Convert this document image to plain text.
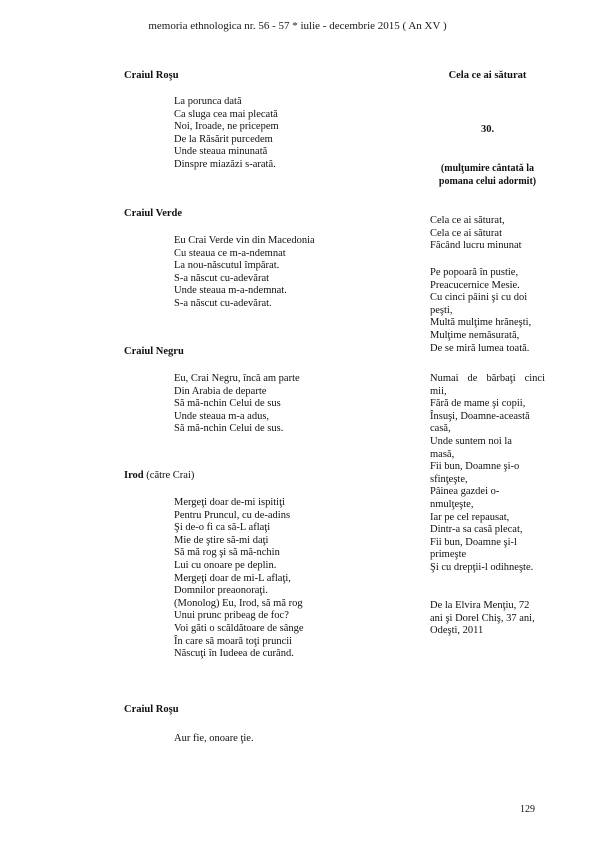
memoria ethnologica nr. 56 - 57 * iulie - decembrie 2015 ( An XV )
Craiul Roşu
La porunca dată
Ca sluga cea mai plecată
Noi, Iroade, ne pricepem
De la Răsărit purcedem
Unde steaua minunată
Dinspre miazăzi s-arată.
Craiul Verde
Eu Crai Verde vin din Macedonia
Cu steaua ce m-a-ndemnat
La nou-născutul împărat.
S-a născut cu-adevărat
Unde steaua m-a-ndemnat.
S-a născut cu-adevărat.
Craiul Negru
Eu, Crai Negru, încă am parte
Din Arabia de departe
Să mă-nchin Celui de sus
Unde steaua m-a adus,
Să mă-nchin Celui de sus.
Irod (către Crai)
Mergeţi doar de-mi ispitiţi
Pentru Pruncul, cu de-adins
Şi de-o fi ca să-L aflaţi
Mie de ştire să-mi daţi
Să mă rog şi să mă-nchin
Lui cu onoare pe deplin.
Mergeţi doar de mi-L aflaţi,
Domnilor preaonoraţi.
(Monolog) Eu, Irod, să mă rog
Unui prunc pribeag de foc?
Voi găti o scăldătoare de sânge
În care să moară toţi pruncii
Născuţi în Iudeea de curând.
Craiul Roşu
Aur fie, onoare ţie.
Cela ce ai săturat
30.
(mulţumire cântată la
pomana celui adormit)
Cela ce ai săturat,
Cela ce ai săturat
Făcând lucru minunat
Pe popoară în pustie,
Preacucernice Mesie.
Cu cinci pâini şi cu doi
peşti,
Multă mulţime hrăneşti,
Mulţime nemăsurată,
De se miră lumea toată.
Numai de bărbaţi cinci
mii,
Fără de mame şi copii,
Însuşi, Doamne-această
casă,
Unde suntem noi la
masă,
Fii bun, Doamne şi-o
sfinţeşte,
Pâinea gazdei o-
nmulţeşte,
Iar pe cel repausat,
Dintr-a sa casă plecat,
Fii bun, Doamne şi-l
primeşte
Şi cu drepţii-l odihneşte.
De la Elvira Menţiu, 72
ani şi Dorel Chiş, 37 ani,
Odeşti, 2011
129
